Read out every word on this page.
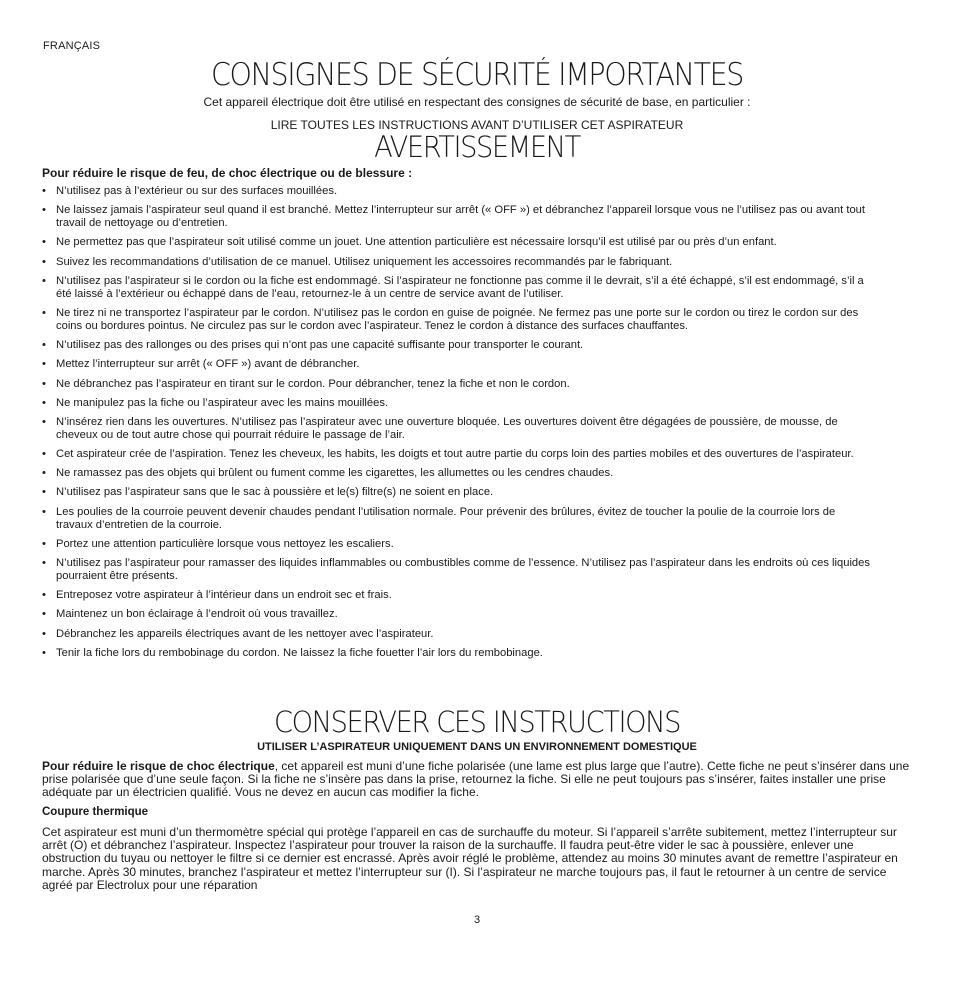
FRANÇAIS
CONSIGNES DE SÉCURITÉ IMPORTANTES
Cet appareil électrique doit être utilisé en respectant des consignes de sécurité de base, en particulier :
LIRE TOUTES LES INSTRUCTIONS AVANT D’UTILISER CET ASPIRATEUR
AVERTISSEMENT
Pour réduire le risque de feu, de choc électrique ou de blessure :
• N’utilisez pas à l’extérieur ou sur des surfaces mouillées.
• Ne laissez jamais l’aspirateur seul quand il est branché. Mettez l’interrupteur sur arrêt (« OFF ») et débranchez l’appareil lorsque vous ne l’utilisez pas ou avant tout travail de nettoyage ou d’entretien.
• Ne permettez pas que l’aspirateur soit utilisé comme un jouet. Une attention particulière est nécessaire lorsqu’il est utilisé par ou près d’un enfant.
• Suivez les recommandations d’utilisation de ce manuel. Utilisez uniquement les accessoires recommandés par le fabriquant.
• N’utilisez pas l’aspirateur si le cordon ou la fiche est endommagé. Si l’aspirateur ne fonctionne pas comme il le devrait, s’il a été échappé, s’il est endommagé, s’il a été laissé à l’extérieur ou échappé dans de l’eau, retournez-le à un centre de service avant de l’utiliser.
• Ne tirez ni ne transportez l’aspirateur par le cordon. N’utilisez pas le cordon en guise de poignée. Ne fermez pas une porte sur le cordon ou tirez le cordon sur des coins ou bordures pointus. Ne circulez pas sur le cordon avec l’aspirateur. Tenez le cordon à distance des surfaces chauffantes.
• N’utilisez pas des rallonges ou des prises qui n’ont pas une capacité suffisante pour transporter le courant.
• Mettez l’interrupteur sur arrêt (« OFF ») avant de débrancher.
• Ne débranchez pas l’aspirateur en tirant sur le cordon. Pour débrancher, tenez la fiche et non le cordon.
• Ne manipulez pas la fiche ou l’aspirateur avec les mains mouillées.
• N’insérez rien dans les ouvertures. N’utilisez pas l’aspirateur avec une ouverture bloquée. Les ouvertures doivent être dégagées de poussière, de mousse, de cheveux ou de tout autre chose qui pourrait réduire le passage de l’air.
• Cet aspirateur crée de l’aspiration. Tenez les cheveux, les habits, les doigts et tout autre partie du corps loin des parties mobiles et des ouvertures de l’aspirateur.
• Ne ramassez pas des objets qui brûlent ou fument comme les cigarettes, les allumettes ou les cendres chaudes.
• N’utilisez pas l’aspirateur sans que le sac à poussière et le(s) filtre(s) ne soient en place.
• Les poulies de la courroie peuvent devenir chaudes pendant l’utilisation normale. Pour prévenir des brûlures, évitez de toucher la poulie de la courroie lors de travaux d’entretien de la courroie.
• Portez une attention particulière lorsque vous nettoyez les escaliers.
• N’utilisez pas l’aspirateur pour ramasser des liquides inflammables ou combustibles comme de l’essence. N’utilisez pas l’aspirateur dans les endroits où ces liquides pourraient être présents.
• Entreposez votre aspirateur à l’intérieur dans un endroit sec et frais.
• Maintenez un bon éclairage à l’endroit où vous travaillez.
• Débranchez les appareils électriques avant de les nettoyer avec l’aspirateur.
• Tenir la fiche lors du rembobinage du cordon. Ne laissez la fiche fouetter l’air lors du rembobinage.
CONSERVER CES INSTRUCTIONS
UTILISER L’ASPIRATEUR UNIQUEMENT DANS UN ENVIRONNEMENT DOMESTIQUE

Pour réduire le risque de choc électrique, cet appareil est muni d’une fiche polarisée (une lame est plus large que l’autre). Cette fiche ne peut s’insérer dans une prise polarisée que d’une seule façon. Si la fiche ne s’insère pas dans la prise, retournez la fiche. Si elle ne peut toujours pas s’insérer, faites installer une prise adéquate par un électricien qualifié. Vous ne devez en aucun cas modifier la fiche.

Coupure thermique

Cet aspirateur est muni d’un thermomètre spécial qui protège l’appareil en cas de surchauffe du moteur. Si l’appareil s’arrête subitement, mettez l’interrupteur sur arrêt (O) et débranchez l’aspirateur. Inspectez l’aspirateur pour trouver la raison de la surchauffe. Il faudra peut-être vider le sac à poussière, enlever une obstruction du tuyau ou nettoyer le filtre si ce dernier est encrassé. Après avoir réglé le problème, attendez au moins 30 minutes avant de remettre l’aspirateur en marche. Après 30 minutes, branchez l’aspirateur et mettez l’interrupteur sur (I). Si l’aspirateur ne marche toujours pas, il faut le retourner à un centre de service agréé par Electrolux pour une réparation

3
